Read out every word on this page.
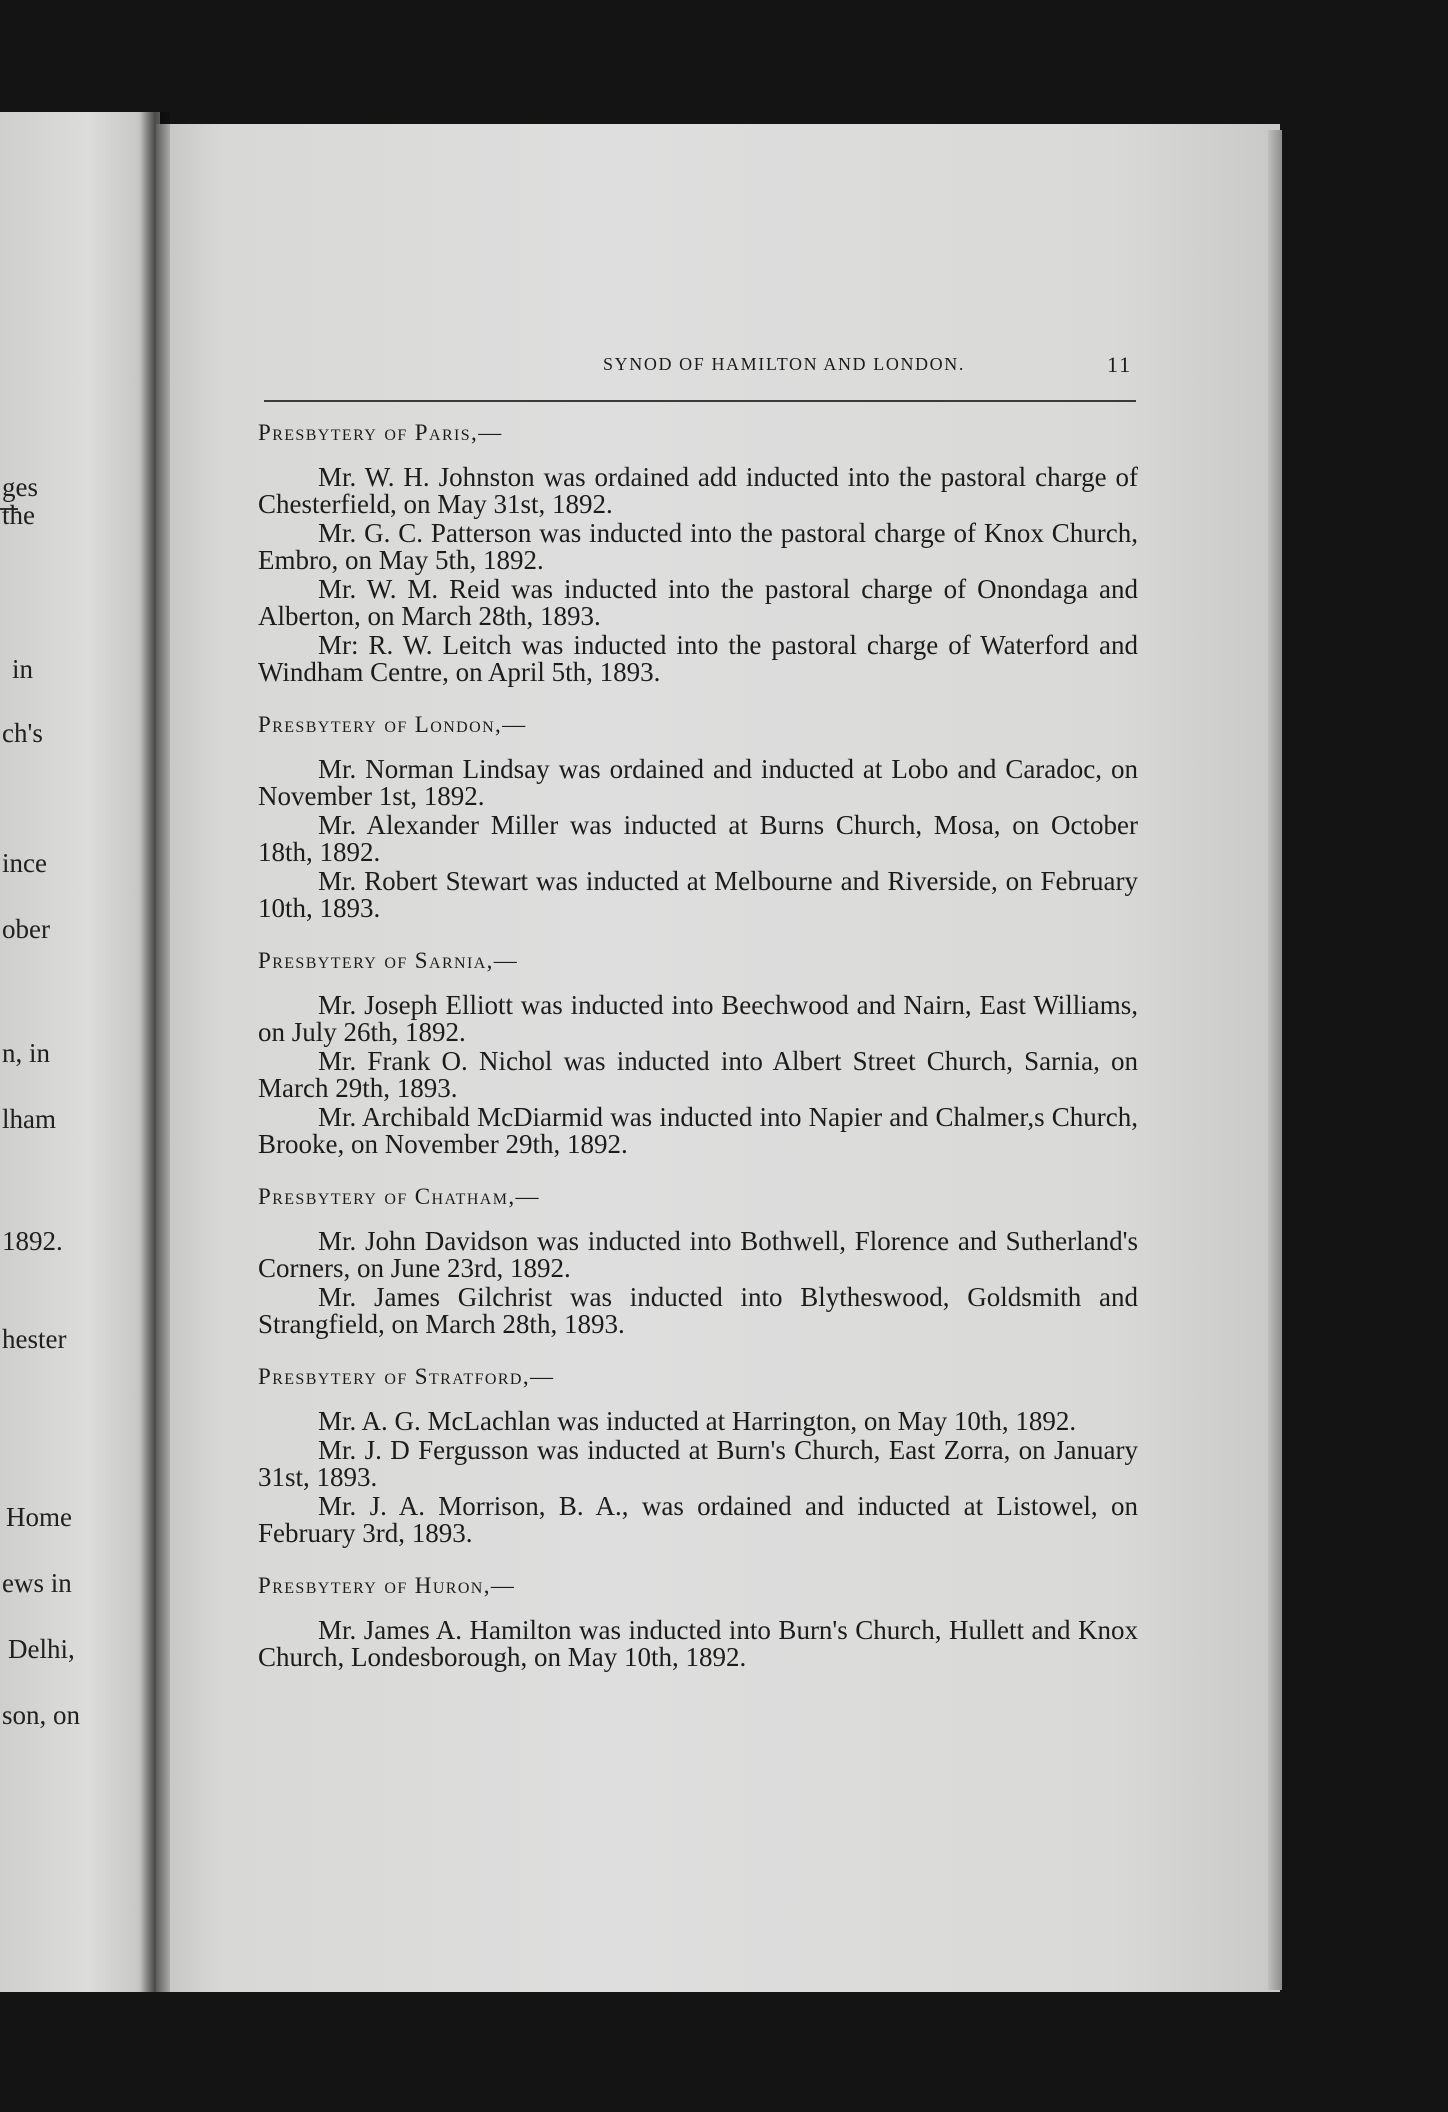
ges
the
in
ch's
ince
ober
n, in
lham
1892.
hester
Home
ews in
Delhi,
son, on
SYNOD OF HAMILTON AND LONDON.	11

Presbytery of Paris,—

Mr. W. H. Johnston was ordained add inducted into the pastoral charge of Chesterfield, on May 31st, 1892.

Mr. G. C. Patterson was inducted into the pastoral charge of Knox Church, Embro, on May 5th, 1892.

Mr. W. M. Reid was inducted into the pastoral charge of Onondaga and Alberton, on March 28th, 1893.

Mr: R. W. Leitch was inducted into the pastoral charge of Waterford and Windham Centre, on April 5th, 1893.

Presbytery of London,—

Mr. Norman Lindsay was ordained and inducted at Lobo and Caradoc, on November 1st, 1892.

Mr. Alexander Miller was inducted at Burns Church, Mosa, on October 18th, 1892.

Mr. Robert Stewart was inducted at Melbourne and Riverside, on February 10th, 1893.

Presbytery of Sarnia,—

Mr. Joseph Elliott was inducted into Beechwood and Nairn, East Williams, on July 26th, 1892.

Mr. Frank O. Nichol was inducted into Albert Street Church, Sarnia, on March 29th, 1893.

Mr. Archibald McDiarmid was inducted into Napier and Chalmer,s Church, Brooke, on November 29th, 1892.

Presbytery of Chatham,—

Mr. John Davidson was inducted into Bothwell, Florence and Sutherland's Corners, on June 23rd, 1892.

Mr. James Gilchrist was inducted into Blytheswood, Goldsmith and Strangfield, on March 28th, 1893.

Presbytery of Stratford,—

Mr. A. G. McLachlan was inducted at Harrington, on May 10th, 1892.

Mr. J. D Fergusson was inducted at Burn's Church, East Zorra, on January 31st, 1893.

Mr. J. A. Morrison, B. A., was ordained and inducted at Listowel, on February 3rd, 1893.

Presbytery of Huron,—

Mr. James A. Hamilton was inducted into Burn's Church, Hullett and Knox Church, Londesborough, on May 10th, 1892.
